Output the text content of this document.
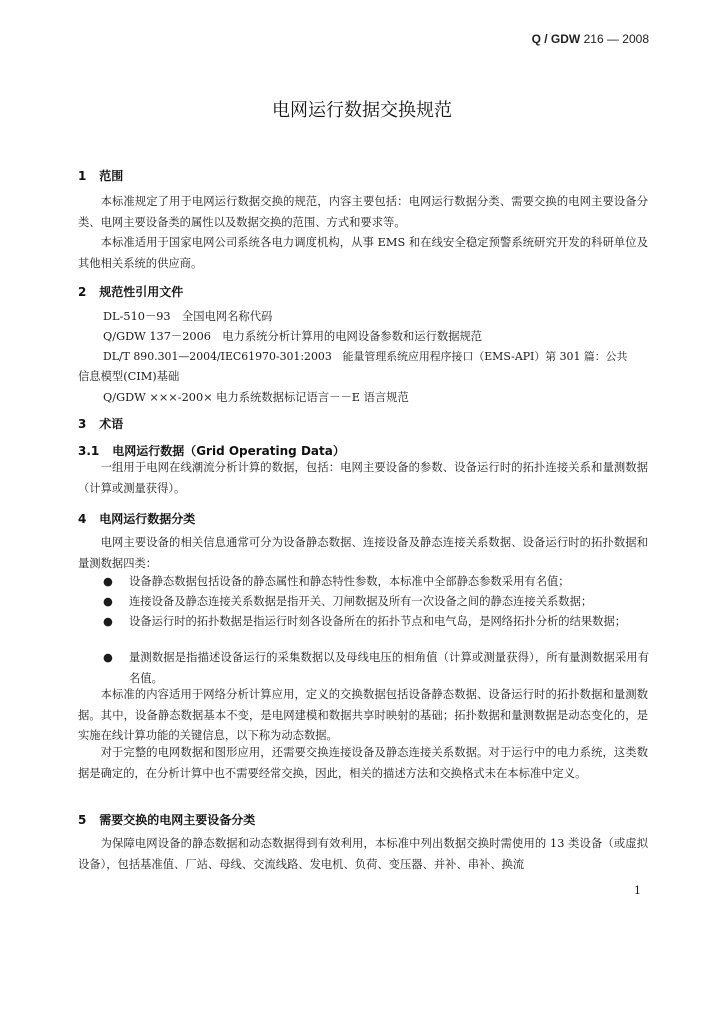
Q / GDW 216 — 2008
电网运行数据交换规范
1 范围

本标准规定了用于电网运行数据交换的规范，内容主要包括：电网运行数据分类、需要交换的电网主要设备分类、电网主要设备类的属性以及数据交换的范围、方式和要求等。

本标准适用于国家电网公司系统各电力调度机构，从事 EMS 和在线安全稳定预警系统研究开发的科研单位及其他相关系统的供应商。

2 规范性引用文件
DL-510－93　全国电网名称代码
Q/GDW 137－2006　电力系统分析计算用的电网设备参数和运行数据规范
DL/T 890.301—2004/IEC61970-301:2003　能量管理系统应用程序接口（EMS-API）第 301 篇：公共
信息模型(CIM)基础
Q/GDW ×××-200× 电力系统数据标记语言－－E 语言规范
3 术语
3.1 电网运行数据（Grid Operating Data）

一组用于电网在线潮流分析计算的数据，包括：电网主要设备的参数、设备运行时的拓扑连接关系和量测数据（计算或测量获得）。

4 电网运行数据分类

电网主要设备的相关信息通常可分为设备静态数据、连接设备及静态连接关系数据、设备运行时的拓扑数据和量测数据四类：

●	设备静态数据包括设备的静态属性和静态特性参数，本标准中全部静态参数采用有名值；
●	连接设备及静态连接关系数据是指开关、刀闸数据及所有一次设备之间的静态连接关系数据；
●	设备运行时的拓扑数据是指运行时刻各设备所在的拓扑节点和电气岛，是网络拓扑分析的结果数据；
●	量测数据是指描述设备运行的采集数据以及母线电压的相角值（计算或测量获得），所有量测数据采用有名值。

本标准的内容适用于网络分析计算应用，定义的交换数据包括设备静态数据、设备运行时的拓扑数据和量测数据。其中，设备静态数据基本不变，是电网建模和数据共享时映射的基础；拓扑数据和量测数据是动态变化的，是实施在线计算功能的关键信息，以下称为动态数据。

对于完整的电网数据和图形应用，还需要交换连接设备及静态连接关系数据。对于运行中的电力系统，这类数据是确定的，在分析计算中也不需要经常交换，因此，相关的描述方法和交换格式未在本标准中定义。

5 需要交换的电网主要设备分类

为保障电网设备的静态数据和动态数据得到有效利用，本标准中列出数据交换时需使用的 13 类设备（或虚拟设备），包括基准值、厂站、母线、交流线路、发电机、负荷、变压器、并补、串补、换流

1
